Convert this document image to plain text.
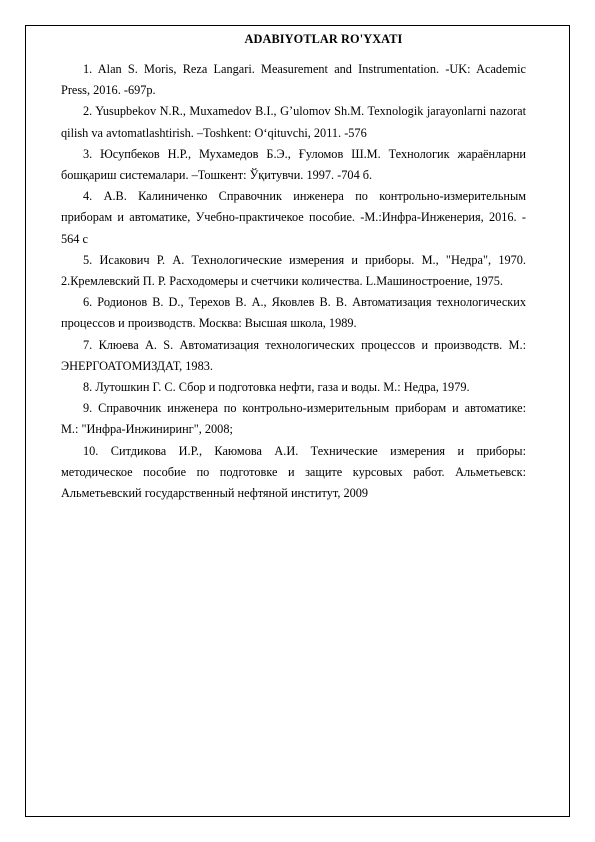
ADABIYOTLAR RO'YXATI
1. Alan S. Moris, Reza Langari. Measurement and Instrumentation. -UK: Academic Press, 2016. -697p.
2. Yusupbekov N.R., Muxamedov B.I., G’ulomov Sh.M. Texnologik jarayonlarni nazorat qilish va avtomatlashtirish. –Toshkent: O‘qituvchi, 2011. -576
3. Юсупбеков Н.Р., Мухамедов Б.Э., Ғуломов Ш.М. Технологик жараёнларни бошқариш системалари. –Тошкент: Ўқитувчи. 1997. -704 б.
4. А.В. Калиниченко Справочник инженера по контрольно-измерительным приборам и автоматике, Учебно-практичекое пособие. -М.:Инфра-Инженерия, 2016. - 564 с
5. Исакович Р. А. Технологические измерения и приборы. М., "Недра", 1970. 2.Кремлевский П. Р. Расходомеры и счетчики количества. L.Машиностроение, 1975.
6. Родионов В. D., Терехов В. А., Яковлев В. В. Автоматизация технологических процессов и производств. Москва: Высшая школа, 1989.
7. Клюева А. S. Автоматизация технологических процессов и производств. М.: ЭНЕРГОАТОМИЗДАТ, 1983.
8. Лутошкин Г. С. Сбор и подготовка нефти, газа и воды. М.: Недра, 1979.
9. Справочник инженера по контрольно-измерительным приборам и автоматике: М.: "Инфра-Инжиниринг", 2008;
10. Ситдикова И.Р., Каюмова А.И. Технические измерения и приборы: методическое пособие по подготовке и защите курсовых работ. Альметьевск: Альметьевский государственный нефтяной институт, 2009
